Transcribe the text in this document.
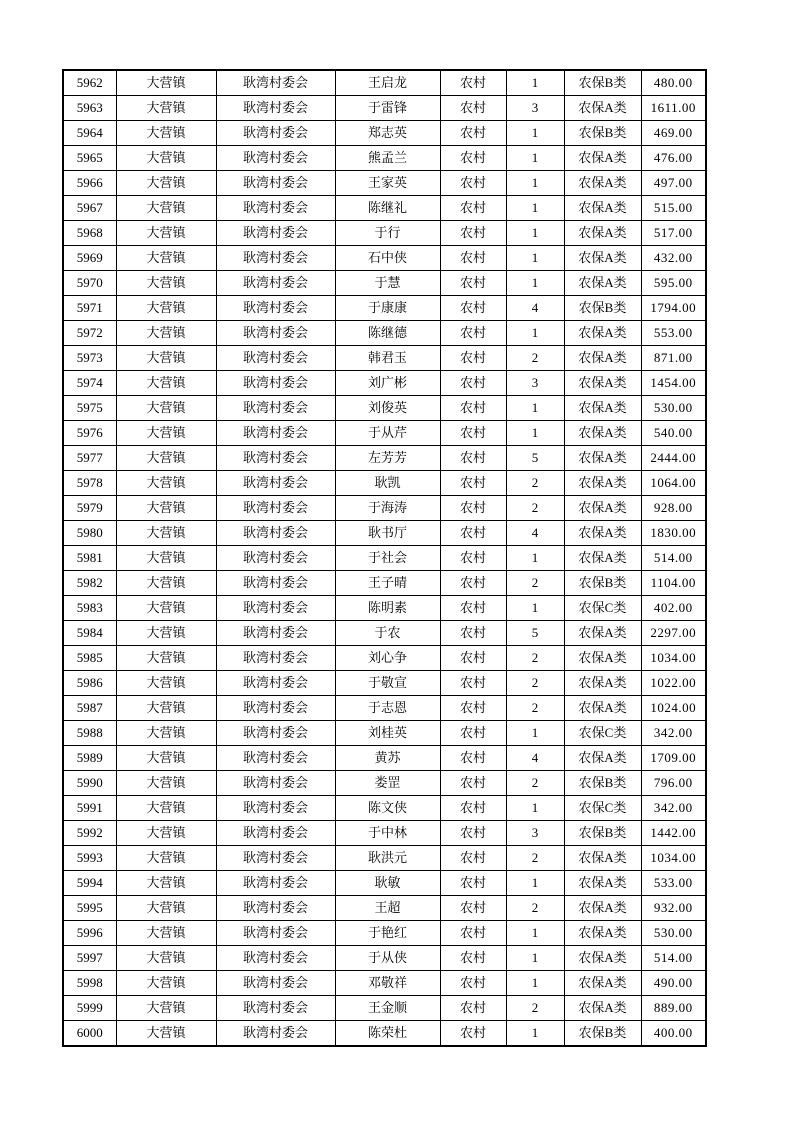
5962	大营镇	耿湾村委会	王启龙	农村	1	农保B类	480.00
5963	大营镇	耿湾村委会	于雷锋	农村	3	农保A类	1611.00
5964	大营镇	耿湾村委会	郑志英	农村	1	农保B类	469.00
5965	大营镇	耿湾村委会	熊孟兰	农村	1	农保A类	476.00
5966	大营镇	耿湾村委会	王家英	农村	1	农保A类	497.00
5967	大营镇	耿湾村委会	陈继礼	农村	1	农保A类	515.00
5968	大营镇	耿湾村委会	于行	农村	1	农保A类	517.00
5969	大营镇	耿湾村委会	石中侠	农村	1	农保A类	432.00
5970	大营镇	耿湾村委会	于慧	农村	1	农保A类	595.00
5971	大营镇	耿湾村委会	于康康	农村	4	农保B类	1794.00
5972	大营镇	耿湾村委会	陈继德	农村	1	农保A类	553.00
5973	大营镇	耿湾村委会	韩君玉	农村	2	农保A类	871.00
5974	大营镇	耿湾村委会	刘广彬	农村	3	农保A类	1454.00
5975	大营镇	耿湾村委会	刘俊英	农村	1	农保A类	530.00
5976	大营镇	耿湾村委会	于从芹	农村	1	农保A类	540.00
5977	大营镇	耿湾村委会	左芳芳	农村	5	农保A类	2444.00
5978	大营镇	耿湾村委会	耿凯	农村	2	农保A类	1064.00
5979	大营镇	耿湾村委会	于海涛	农村	2	农保A类	928.00
5980	大营镇	耿湾村委会	耿书厅	农村	4	农保A类	1830.00
5981	大营镇	耿湾村委会	于社会	农村	1	农保A类	514.00
5982	大营镇	耿湾村委会	王子晴	农村	2	农保B类	1104.00
5983	大营镇	耿湾村委会	陈明素	农村	1	农保C类	402.00
5984	大营镇	耿湾村委会	于农	农村	5	农保A类	2297.00
5985	大营镇	耿湾村委会	刘心争	农村	2	农保A类	1034.00
5986	大营镇	耿湾村委会	于敬宣	农村	2	农保A类	1022.00
5987	大营镇	耿湾村委会	于志恩	农村	2	农保A类	1024.00
5988	大营镇	耿湾村委会	刘桂英	农村	1	农保C类	342.00
5989	大营镇	耿湾村委会	黄苏	农村	4	农保A类	1709.00
5990	大营镇	耿湾村委会	娄罡	农村	2	农保B类	796.00
5991	大营镇	耿湾村委会	陈文侠	农村	1	农保C类	342.00
5992	大营镇	耿湾村委会	于中林	农村	3	农保B类	1442.00
5993	大营镇	耿湾村委会	耿洪元	农村	2	农保A类	1034.00
5994	大营镇	耿湾村委会	耿敏	农村	1	农保A类	533.00
5995	大营镇	耿湾村委会	王超	农村	2	农保A类	932.00
5996	大营镇	耿湾村委会	于艳红	农村	1	农保A类	530.00
5997	大营镇	耿湾村委会	于从侠	农村	1	农保A类	514.00
5998	大营镇	耿湾村委会	邓敬祥	农村	1	农保A类	490.00
5999	大营镇	耿湾村委会	王金顺	农村	2	农保A类	889.00
6000	大营镇	耿湾村委会	陈荣杜	农村	1	农保B类	400.00
